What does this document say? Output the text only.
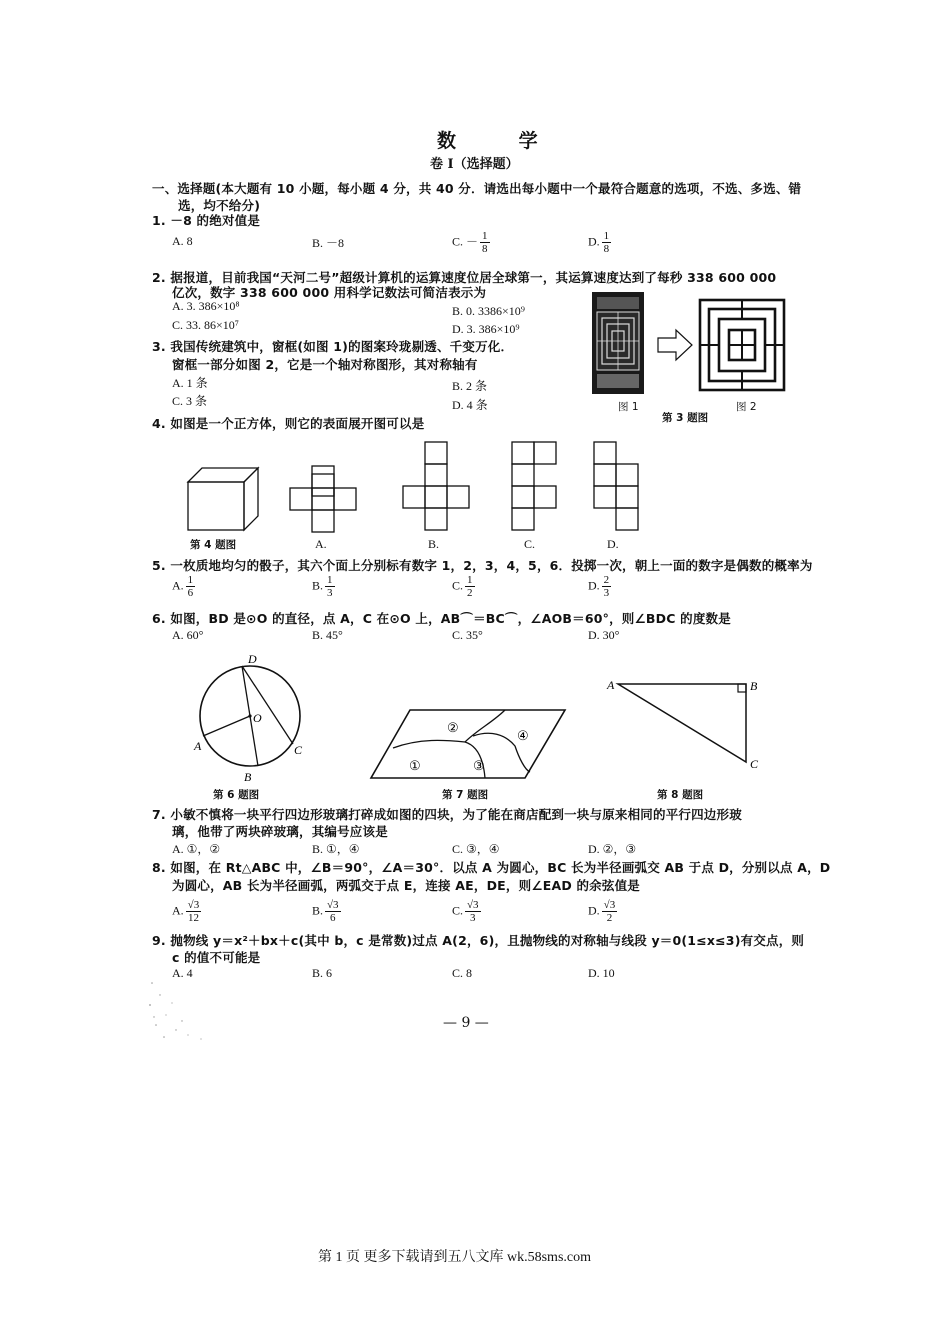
数 学
卷 I（选择题）
一、选择题(本大题有 10 小题，每小题 4 分，共 40 分．请选出每小题中一个最符合题意的选项，不选、多选、错
选，均不给分)
1. －8 的绝对值是
A. 8	B. －8	C. － $\frac{1}{8}$	D. $\frac{1}{8}$
2. 据报道，目前我国“天河二号”超级计算机的运算速度位居全球第一，其运算速度达到了每秒 338 600 000
亿次，数字 338 600 000 用科学记数法可简洁表示为
A. 3. 386×10⁸	B. 0. 3386×10⁹
C. 33. 86×10⁷	D. 3. 386×10⁹
3. 我国传统建筑中，窗框(如图 1)的图案玲珑剔透、千变万化．
窗框一部分如图 2，它是一个轴对称图形，其对称轴有
A. 1 条	B. 2 条
C. 3 条	D. 4 条	图 1	图 2
第 3 题图
4. 如图是一个正方体，则它的表面展开图可以是
第 4 题图	A.	B.	C.	D.
5. 一枚质地均匀的骰子，其六个面上分别标有数字 1，2，3，4，5，6．投掷一次，朝上一面的数字是偶数的概率为
A. $\frac{1}{6}$	B. $\frac{1}{3}$	C. $\frac{1}{2}$	D. $\frac{2}{3}$
6. 如图，BD 是⊙O 的直径，点 A，C 在⊙O 上，AB⌒＝BC⌒，∠AOB＝60°，则∠BDC 的度数是
A. 60°	B. 45°	C. 35°	D. 30°
D
O
A	C
B
第 6 题图
②
④
①	③
第 7 题图
A	B
C
第 8 题图
7. 小敏不慎将一块平行四边形玻璃打碎成如图的四块，为了能在商店配到一块与原来相同的平行四边形玻
璃，他带了两块碎玻璃，其编号应该是
A. ①，②	B. ①，④	C. ③，④	D. ②，③
8. 如图，在 Rt△ABC 中，∠B＝90°，∠A＝30°．以点 A 为圆心，BC 长为半径画弧交 AB 于点 D，分别以点 A，D
为圆心，AB 长为半径画弧，两弧交于点 E，连接 AE，DE，则∠EAD 的余弦值是
A. $\frac{√3}{12}$	B. $\frac{√3}{6}$	C. $\frac{√3}{3}$	D. $\frac{√3}{2}$
9. 抛物线 y＝x²＋bx＋c(其中 b，c 是常数)过点 A(2，6)，且抛物线的对称轴与线段 y＝0(1≤x≤3)有交点，则
c 的值不可能是
A. 4	B. 6	C. 8	D. 10
— 9 —
第 1 页 更多下载请到五八文库 wk.58sms.com
